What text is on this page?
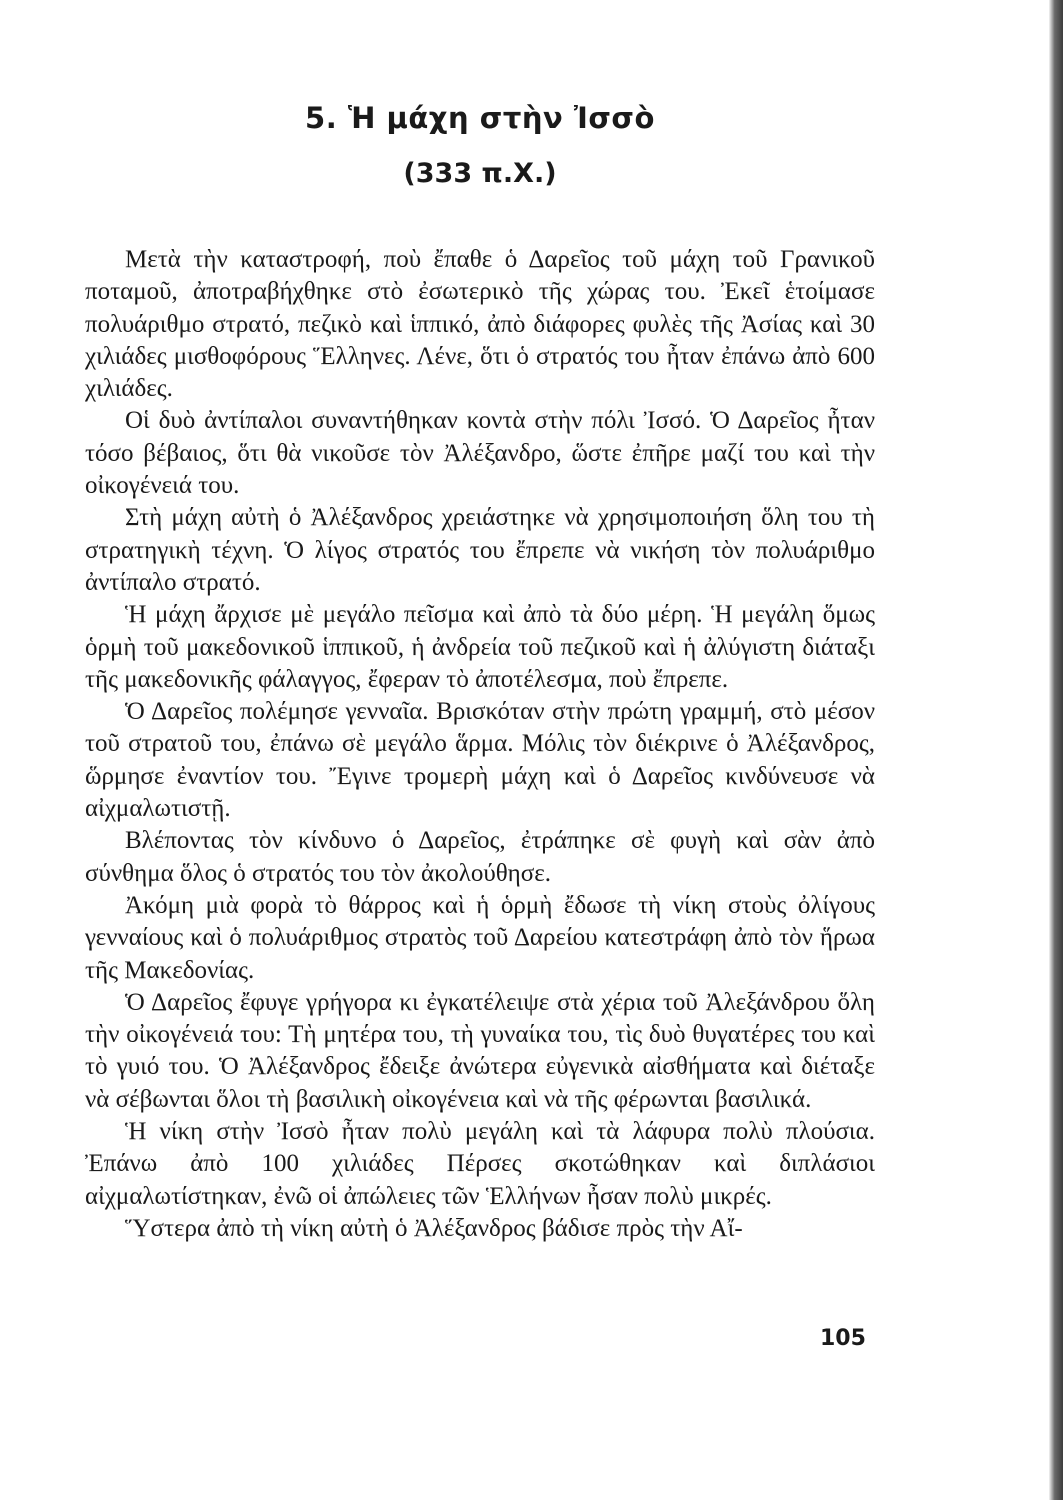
5. Ἡ μάχη στὴν Ἰσσὸ
(333 π.Χ.)

Μετὰ τὴν καταστροφή, ποὺ ἔπαθε ὁ Δαρεῖος τοῦ μάχη τοῦ Γρανικοῦ ποταμοῦ, ἀποτραβήχθηκε στὸ ἐσωτερικὸ τῆς χώρας του. Ἐκεῖ ἑτοίμασε πολυάριθμο στρατό, πεζικὸ καὶ ἱππικό, ἀπὸ διάφορες φυλὲς τῆς Ἀσίας καὶ 30 χιλιάδες μισθοφόρους Ἕλληνες. Λένε, ὅτι ὁ στρατός του ἦταν ἐπάνω ἀπὸ 600 χιλιάδες.

Οἱ δυὸ ἀντίπαλοι συναντήθηκαν κοντὰ στὴν πόλι Ἰσσό. Ὁ Δαρεῖος ἦταν τόσο βέβαιος, ὅτι θὰ νικοῦσε τὸν Ἀλέξανδρο, ὥστε ἐπῆρε μαζί του καὶ τὴν οἰκογένειά του.

Στὴ μάχη αὐτὴ ὁ Ἀλέξανδρος χρειάστηκε νὰ χρησιμοποιήση ὅλη του τὴ στρατηγικὴ τέχνη. Ὁ λίγος στρατός του ἔπρεπε νὰ νικήση τὸν πολυάριθμο ἀντίπαλο στρατό.

Ἡ μάχη ἄρχισε μὲ μεγάλο πεῖσμα καὶ ἀπὸ τὰ δύο μέρη. Ἡ μεγάλη ὅμως ὁρμὴ τοῦ μακεδονικοῦ ἱππικοῦ, ἡ ἀνδρεία τοῦ πεζικοῦ καὶ ἡ ἀλύγιστη διάταξι τῆς μακεδονικῆς φάλαγγος, ἔφεραν τὸ ἀποτέλεσμα, ποὺ ἔπρεπε.

Ὁ Δαρεῖος πολέμησε γενναῖα. Βρισκόταν στὴν πρώτη γραμμή, στὸ μέσον τοῦ στρατοῦ του, ἐπάνω σὲ μεγάλο ἅρμα. Μόλις τὸν διέκρινε ὁ Ἀλέξανδρος, ὥρμησε ἐναντίον του. Ἔγινε τρομερὴ μάχη καὶ ὁ Δαρεῖος κινδύνευσε νὰ αἰχμαλωτιστῇ.

Βλέποντας τὸν κίνδυνο ὁ Δαρεῖος, ἐτράπηκε σὲ φυγὴ καὶ σὰν ἀπὸ σύνθημα ὅλος ὁ στρατός του τὸν ἀκολούθησε.

Ἀκόμη μιὰ φορὰ τὸ θάρρος καὶ ἡ ὁρμὴ ἔδωσε τὴ νίκη στοὺς ὀλίγους γενναίους καὶ ὁ πολυάριθμος στρατὸς τοῦ Δαρείου κατεστράφη ἀπὸ τὸν ἥρωα τῆς Μακεδονίας.

Ὁ Δαρεῖος ἔφυγε γρήγορα κι ἐγκατέλειψε στὰ χέρια τοῦ Ἀλεξάνδρου ὅλη τὴν οἰκογένειά του: Τὴ μητέρα του, τὴ γυναίκα του, τὶς δυὸ θυγατέρες του καὶ τὸ γυιό του. Ὁ Ἀλέξανδρος ἔδειξε ἀνώτερα εὐγενικὰ αἰσθήματα καὶ διέταξε νὰ σέβωνται ὅλοι τὴ βασιλικὴ οἰκογένεια καὶ νὰ τῆς φέρωνται βασιλικά.

Ἡ νίκη στὴν Ἰσσὸ ἦταν πολὺ μεγάλη καὶ τὰ λάφυρα πολὺ πλούσια. Ἐπάνω ἀπὸ 100 χιλιάδες Πέρσες σκοτώθηκαν καὶ διπλάσιοι αἰχμαλωτίστηκαν, ἐνῶ οἱ ἀπώλειες τῶν Ἑλλήνων ἦσαν πολὺ μικρές.

Ὕστερα ἀπὸ τὴ νίκη αὐτὴ ὁ Ἀλέξανδρος βάδισε πρὸς τὴν Αἴ-

105
